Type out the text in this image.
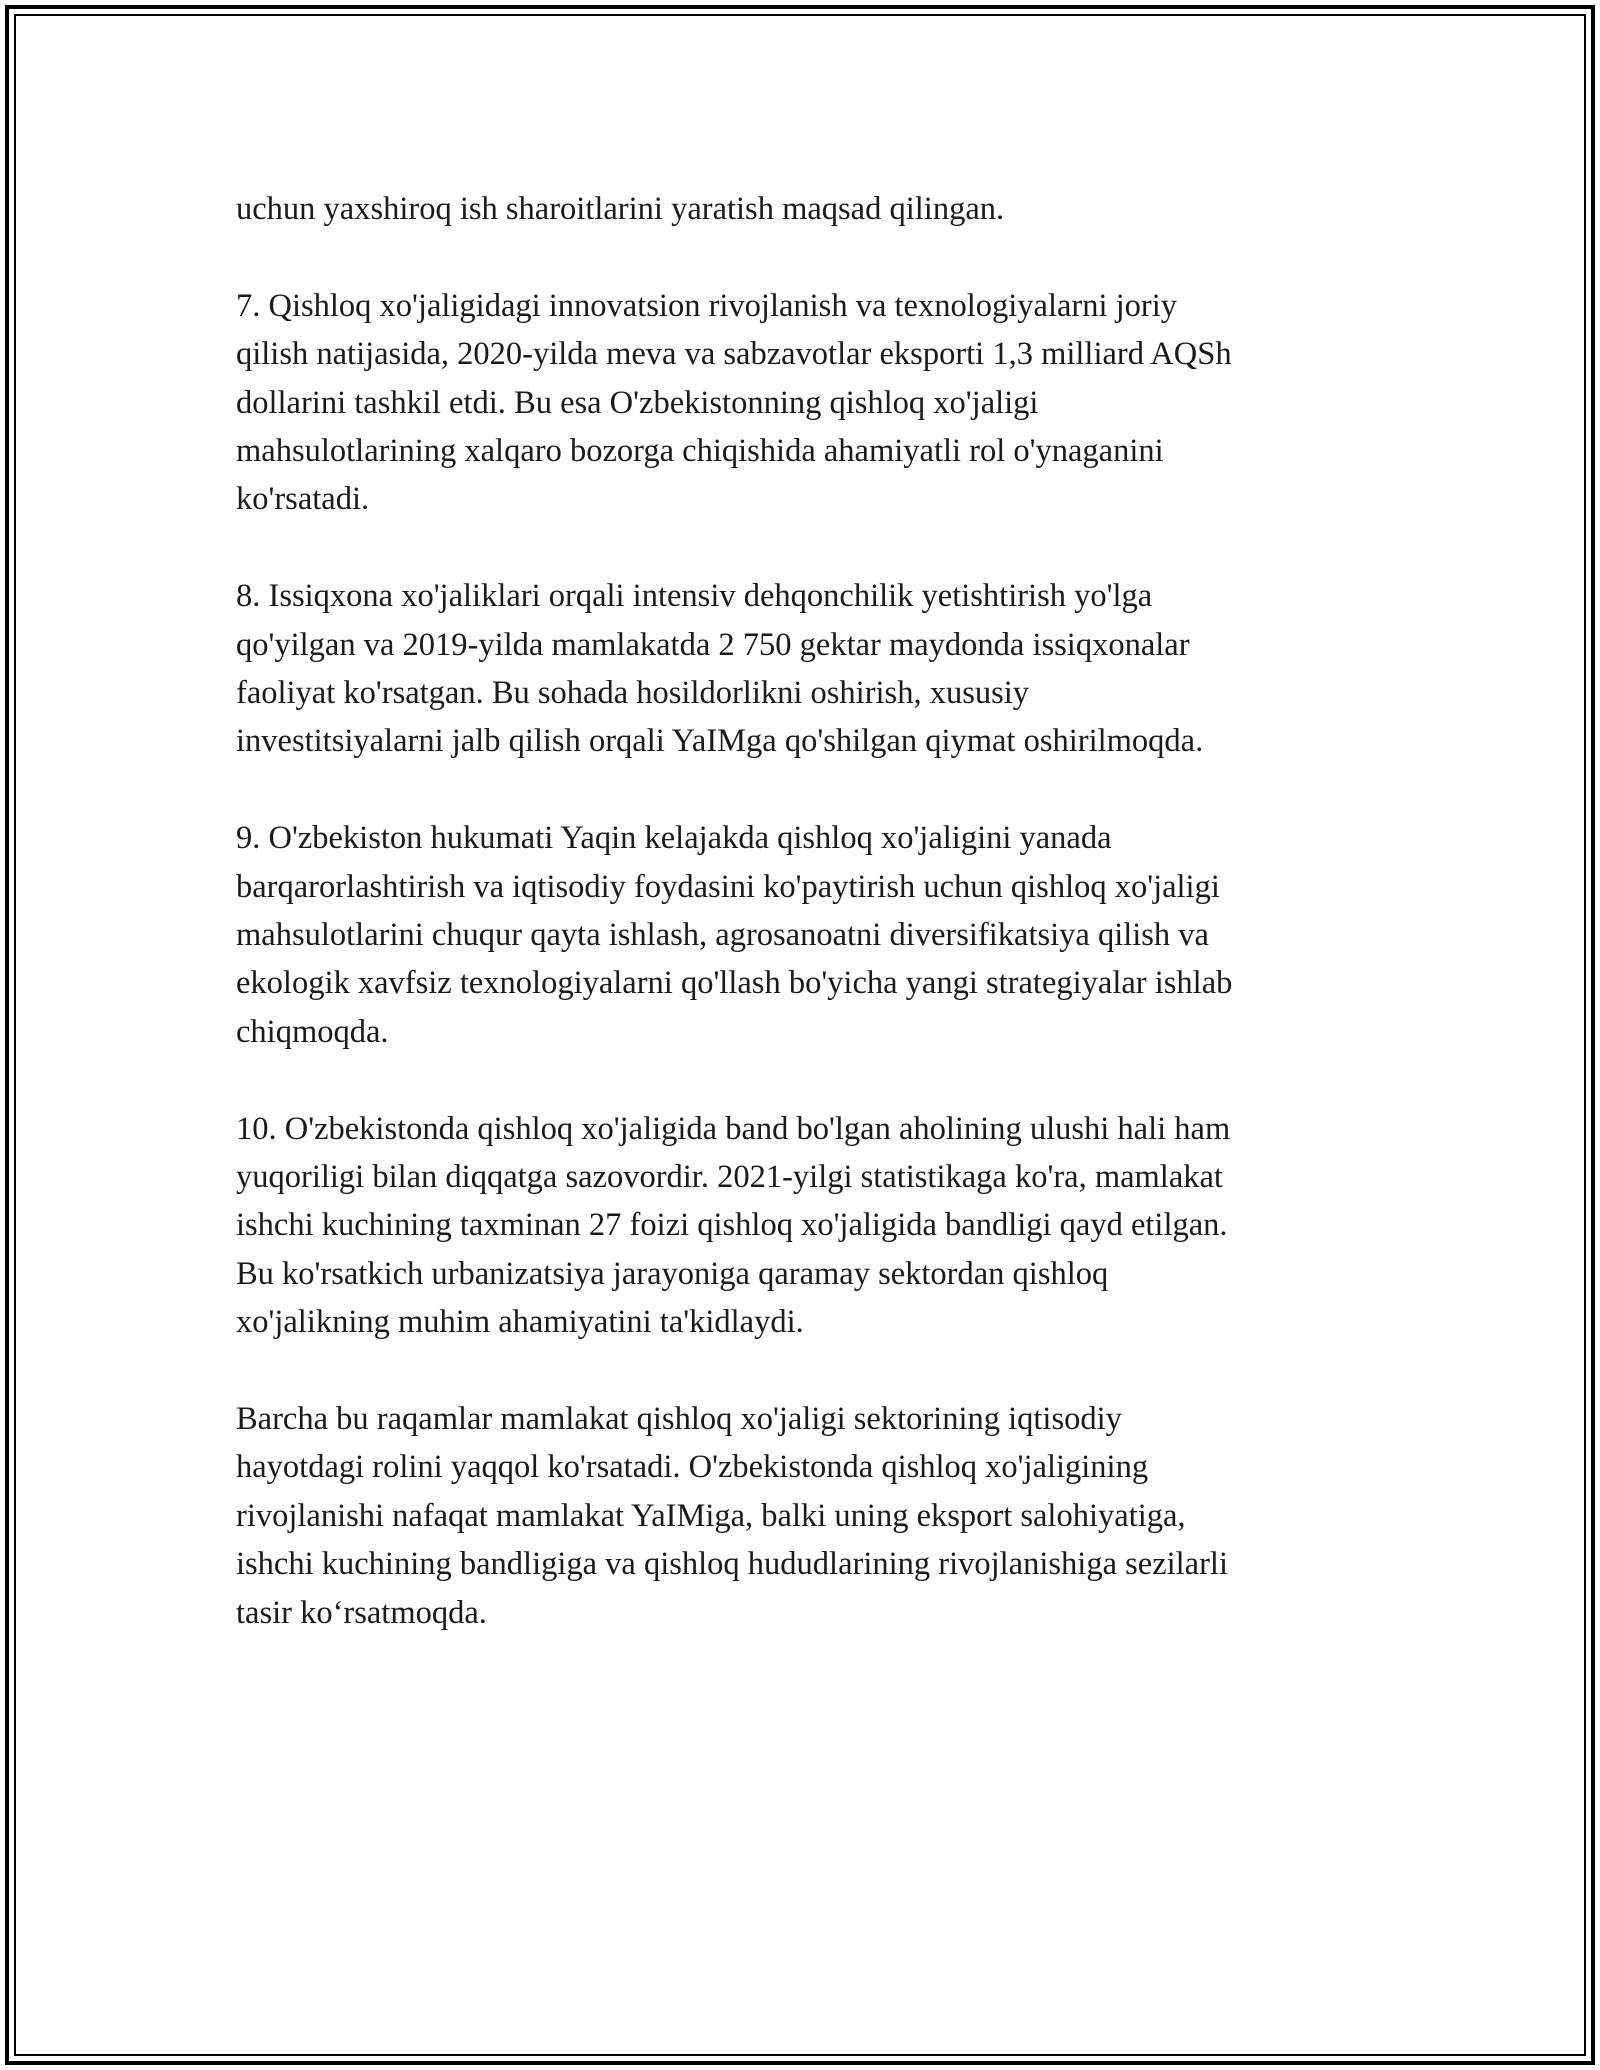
uchun yaxshiroq ish sharoitlarini yaratish maqsad qilingan.

7. Qishloq xo'jaligidagi innovatsion rivojlanish va texnologiyalarni joriy
qilish natijasida, 2020-yilda meva va sabzavotlar eksporti 1,3 milliard AQSh
dollarini tashkil etdi. Bu esa O'zbekistonning qishloq xo'jaligi
mahsulotlarining xalqaro bozorga chiqishida ahamiyatli rol o'ynaganini
ko'rsatadi.

8. Issiqxona xo'jaliklari orqali intensiv dehqonchilik yetishtirish yo'lga
qo'yilgan va 2019-yilda mamlakatda 2 750 gektar maydonda issiqxonalar
faoliyat ko'rsatgan. Bu sohada hosildorlikni oshirish, xususiy
investitsiyalarni jalb qilish orqali YaIMga qo'shilgan qiymat oshirilmoqda.

9. O'zbekiston hukumati Yaqin kelajakda qishloq xo'jaligini yanada
barqarorlashtirish va iqtisodiy foydasini ko'paytirish uchun qishloq xo'jaligi
mahsulotlarini chuqur qayta ishlash, agrosanoatni diversifikatsiya qilish va
ekologik xavfsiz texnologiyalarni qo'llash bo'yicha yangi strategiyalar ishlab
chiqmoqda.

10. O'zbekistonda qishloq xo'jaligida band bo'lgan aholining ulushi hali ham
yuqoriligi bilan diqqatga sazovordir. 2021-yilgi statistikaga ko'ra, mamlakat
ishchi kuchining taxminan 27 foizi qishloq xo'jaligida bandligi qayd etilgan.
Bu ko'rsatkich urbanizatsiya jarayoniga qaramay sektordan qishloq
xo'jalikning muhim ahamiyatini ta'kidlaydi.

Barcha bu raqamlar mamlakat qishloq xo'jaligi sektorining iqtisodiy
hayotdagi rolini yaqqol ko'rsatadi. O'zbekistonda qishloq xo'jaligining
rivojlanishi nafaqat mamlakat YaIMiga, balki uning eksport salohiyatiga,
ishchi kuchining bandligiga va qishloq hududlarining rivojlanishiga sezilarli
tasir ko‘rsatmoqda.
